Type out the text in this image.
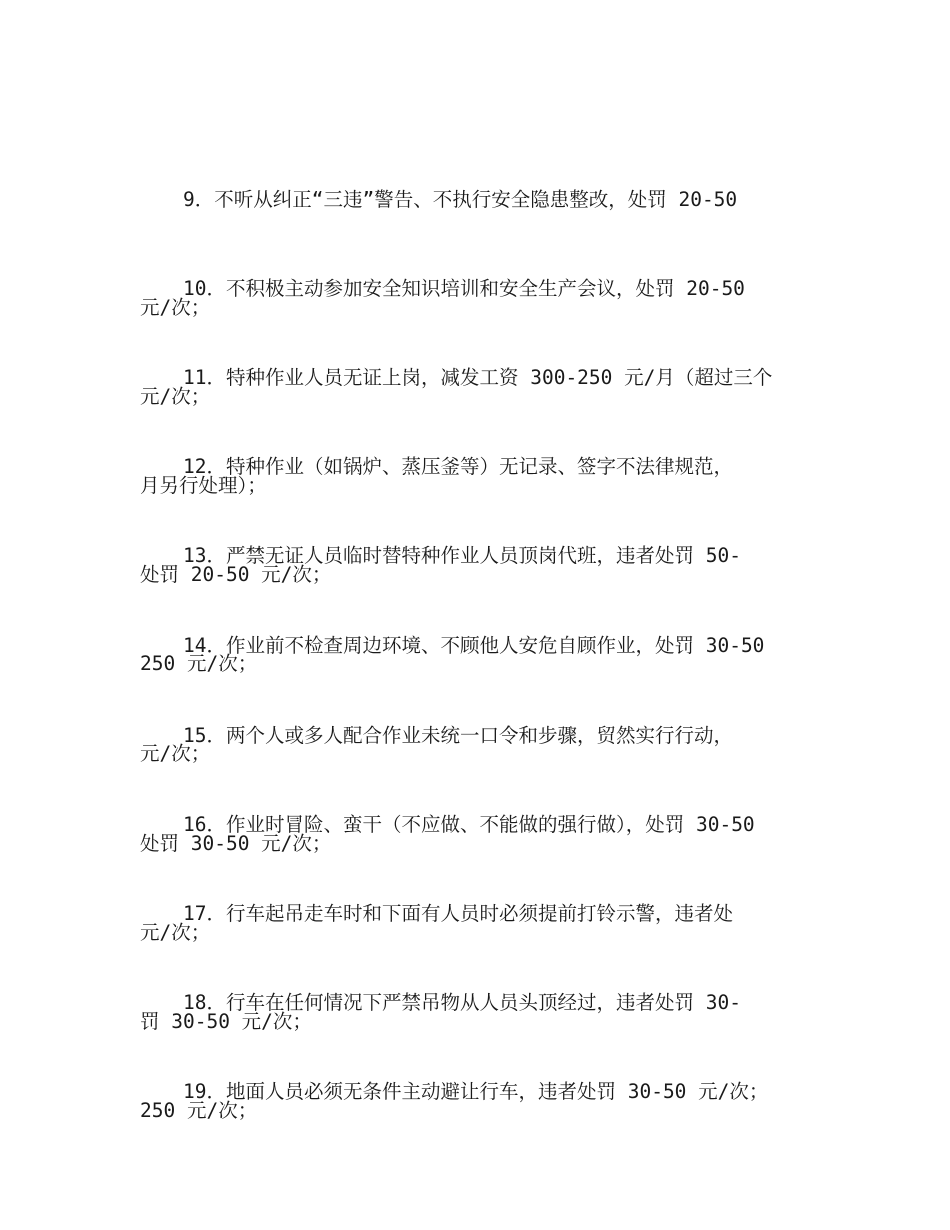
9．不听从纠正“三违”警告、不执行安全隐患整改，处罚 20-50

元/次；

10．不积极主动参加安全知识培训和安全生产会议，处罚 20-50

元/次；

11．特种作业人员无证上岗，减发工资 300-250 元/月（超过三个

月另行处理）；

12．特种作业（如锅炉、蒸压釜等）无记录、签字不法律规范，

处罚 20-50 元/次；

13．严禁无证人员临时替特种作业人员顶岗代班，违者处罚 50-

250 元/次；

14．作业前不检查周边环境、不顾他人安危自顾作业，处罚 30-50

元/次；

15．两个人或多人配合作业未统一口令和步骤，贸然实行行动，

处罚 30-50 元/次；

16．作业时冒险、蛮干（不应做、不能做的强行做），处罚 30-50

元/次；

17．行车起吊走车时和下面有人员时必须提前打铃示警，违者处

罚 30-50 元/次；

18．行车在任何情况下严禁吊物从人员头顶经过，违者处罚 30-

250 元/次；

19．地面人员必须无条件主动避让行车，违者处罚 30-50 元/次；
